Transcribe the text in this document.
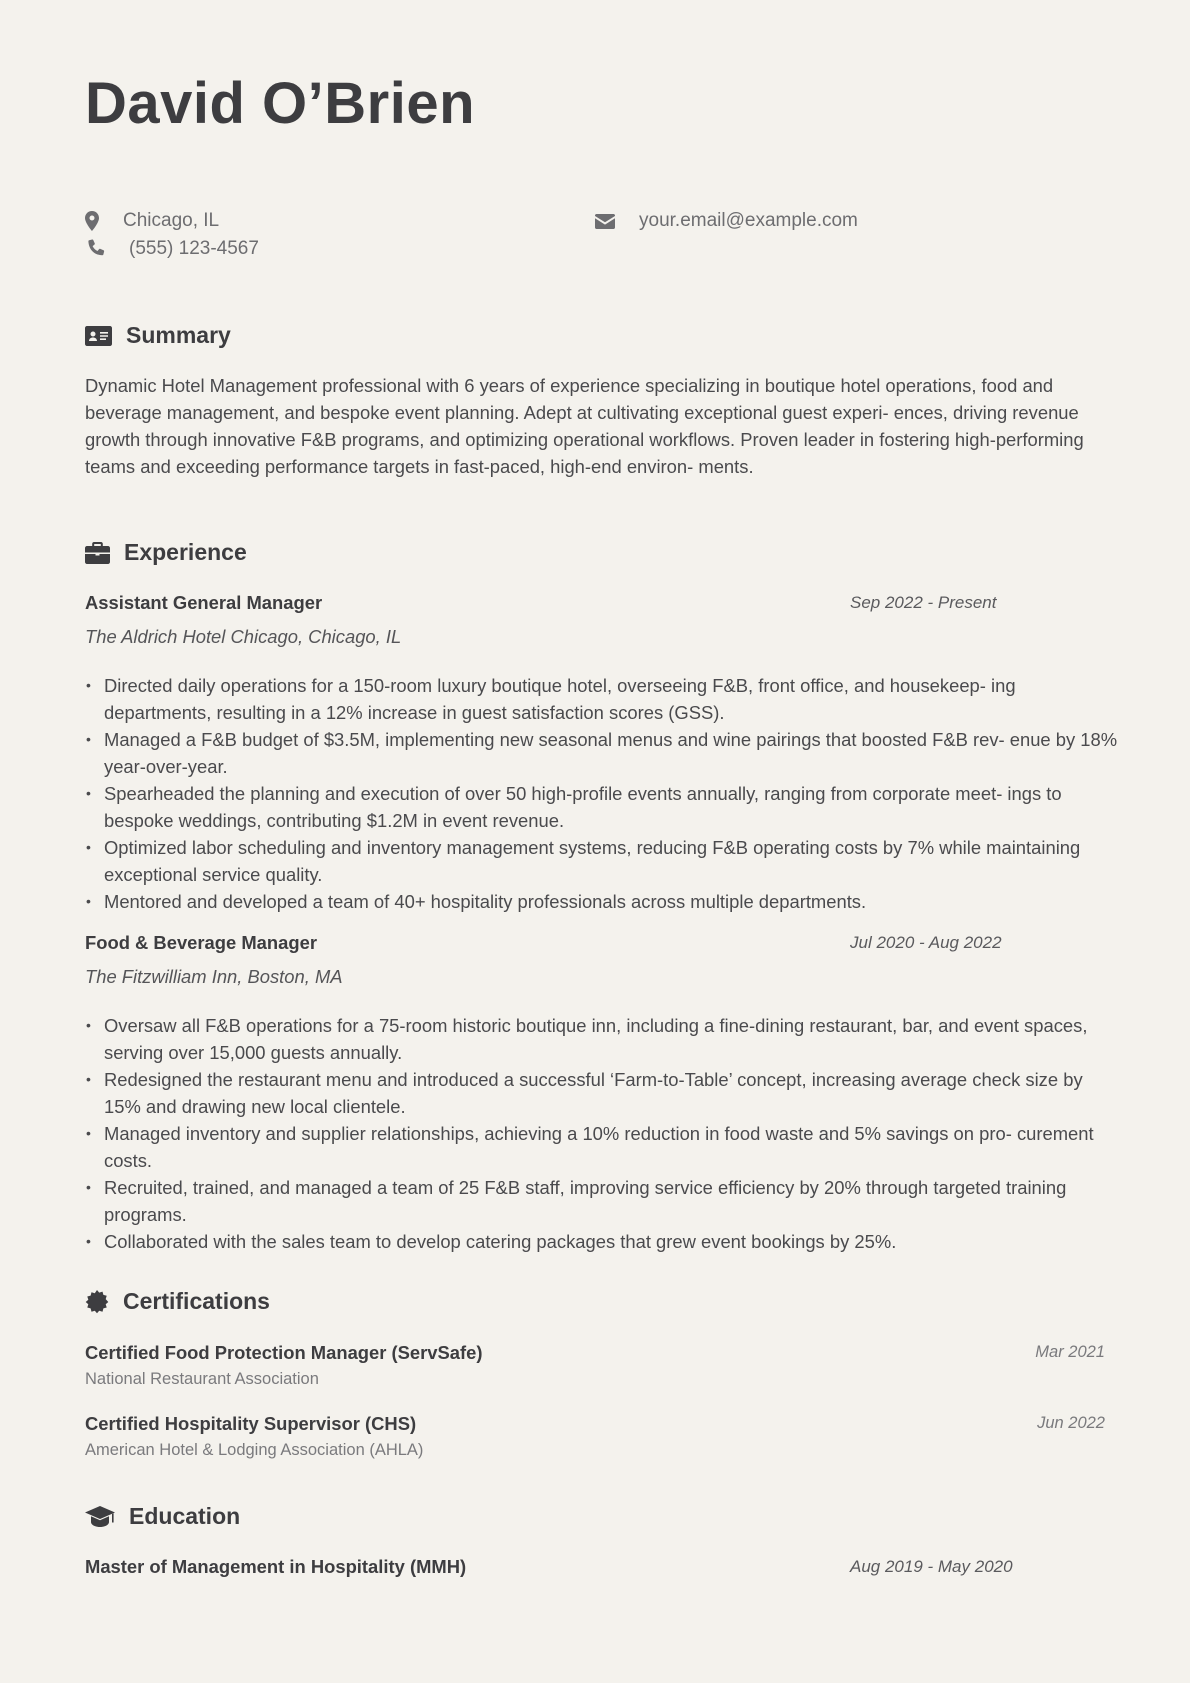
David O’Brien
Chicago, IL
(555) 123-4567
your.email@example.com
Summary

Dynamic Hotel Management professional with 6 years of experience specializing in boutique hotel operations, food and beverage management, and bespoke event planning. Adept at cultivating exceptional guest experi- ences, driving revenue growth through innovative F&B programs, and optimizing operational workflows. Proven leader in fostering high-performing teams and exceeding performance targets in fast-paced, high-end environ- ments.

Experience
Assistant General Manager	Sep 2022 - Present
The Aldrich Hotel Chicago, Chicago, IL
• Directed daily operations for a 150-room luxury boutique hotel, overseeing F&B, front office, and housekeep- ing departments, resulting in a 12% increase in guest satisfaction scores (GSS).
• Managed a F&B budget of $3.5M, implementing new seasonal menus and wine pairings that boosted F&B rev- enue by 18% year-over-year.
• Spearheaded the planning and execution of over 50 high-profile events annually, ranging from corporate meet- ings to bespoke weddings, contributing $1.2M in event revenue.
• Optimized labor scheduling and inventory management systems, reducing F&B operating costs by 7% while maintaining exceptional service quality.
• Mentored and developed a team of 40+ hospitality professionals across multiple departments.
Food & Beverage Manager	Jul 2020 - Aug 2022
The Fitzwilliam Inn, Boston, MA
• Oversaw all F&B operations for a 75-room historic boutique inn, including a fine-dining restaurant, bar, and event spaces, serving over 15,000 guests annually.
• Redesigned the restaurant menu and introduced a successful ‘Farm-to-Table’ concept, increasing average check size by 15% and drawing new local clientele.
• Managed inventory and supplier relationships, achieving a 10% reduction in food waste and 5% savings on pro- curement costs.
• Recruited, trained, and managed a team of 25 F&B staff, improving service efficiency by 20% through targeted training programs.
• Collaborated with the sales team to develop catering packages that grew event bookings by 25%.
Certifications
Certified Food Protection Manager (ServSafe)	Mar 2021
National Restaurant Association
Certified Hospitality Supervisor (CHS)	Jun 2022
American Hotel & Lodging Association (AHLA)
Education
Master of Management in Hospitality (MMH)	Aug 2019 - May 2020
